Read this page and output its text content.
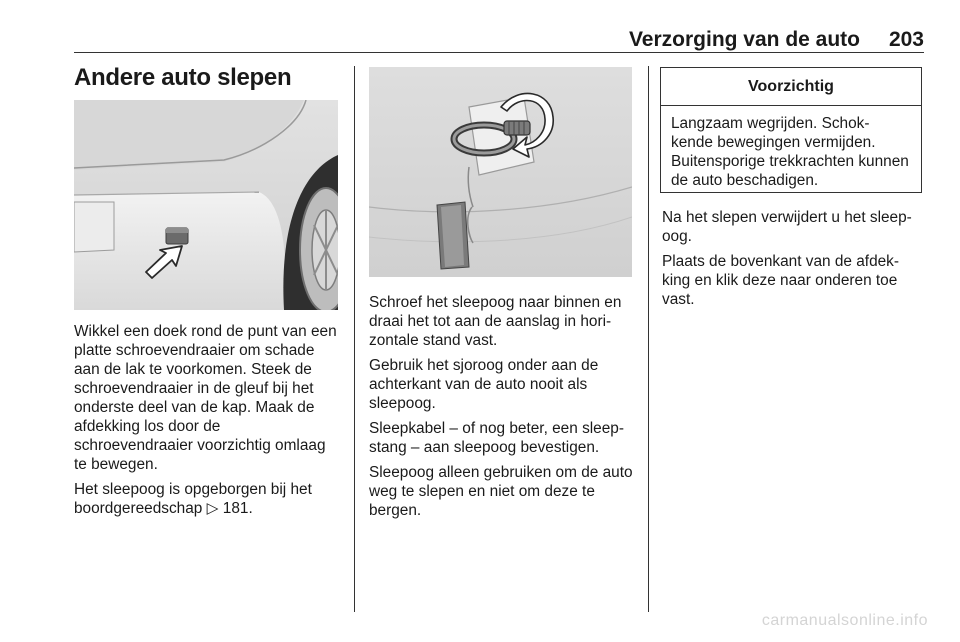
Verzorging van de auto	203
Andere auto slepen

Wikkel een doek rond de punt van een platte schroevendraaier om schade aan de lak te voorkomen. Steek de schroevendraaier in de gleuf bij het onderste deel van de kap. Maak de afdekking los door de schroevendraaier voorzichtig omlaag te bewegen.

Het sleepoog is opgeborgen bij het boordgereedschap ▷ 181.

Schroef het sleepoog naar binnen en draai het tot aan de aanslag in hori-zontale stand vast.

Gebruik het sjoroog onder aan de achterkant van de auto nooit als sleepoog.

Sleepkabel – of nog beter, een sleep-stang – aan sleepoog bevestigen.

Sleepoog alleen gebruiken om de auto weg te slepen en niet om deze te bergen.

Voorzichtig
Langzaam wegrijden. Schok-kende bewegingen vermijden. Buitensporige trekkrachten kunnen de auto beschadigen.

Na het slepen verwijdert u het sleep-oog.

Plaats de bovenkant van de afdek-king en klik deze naar onderen toe vast.

carmanualsonline.info
